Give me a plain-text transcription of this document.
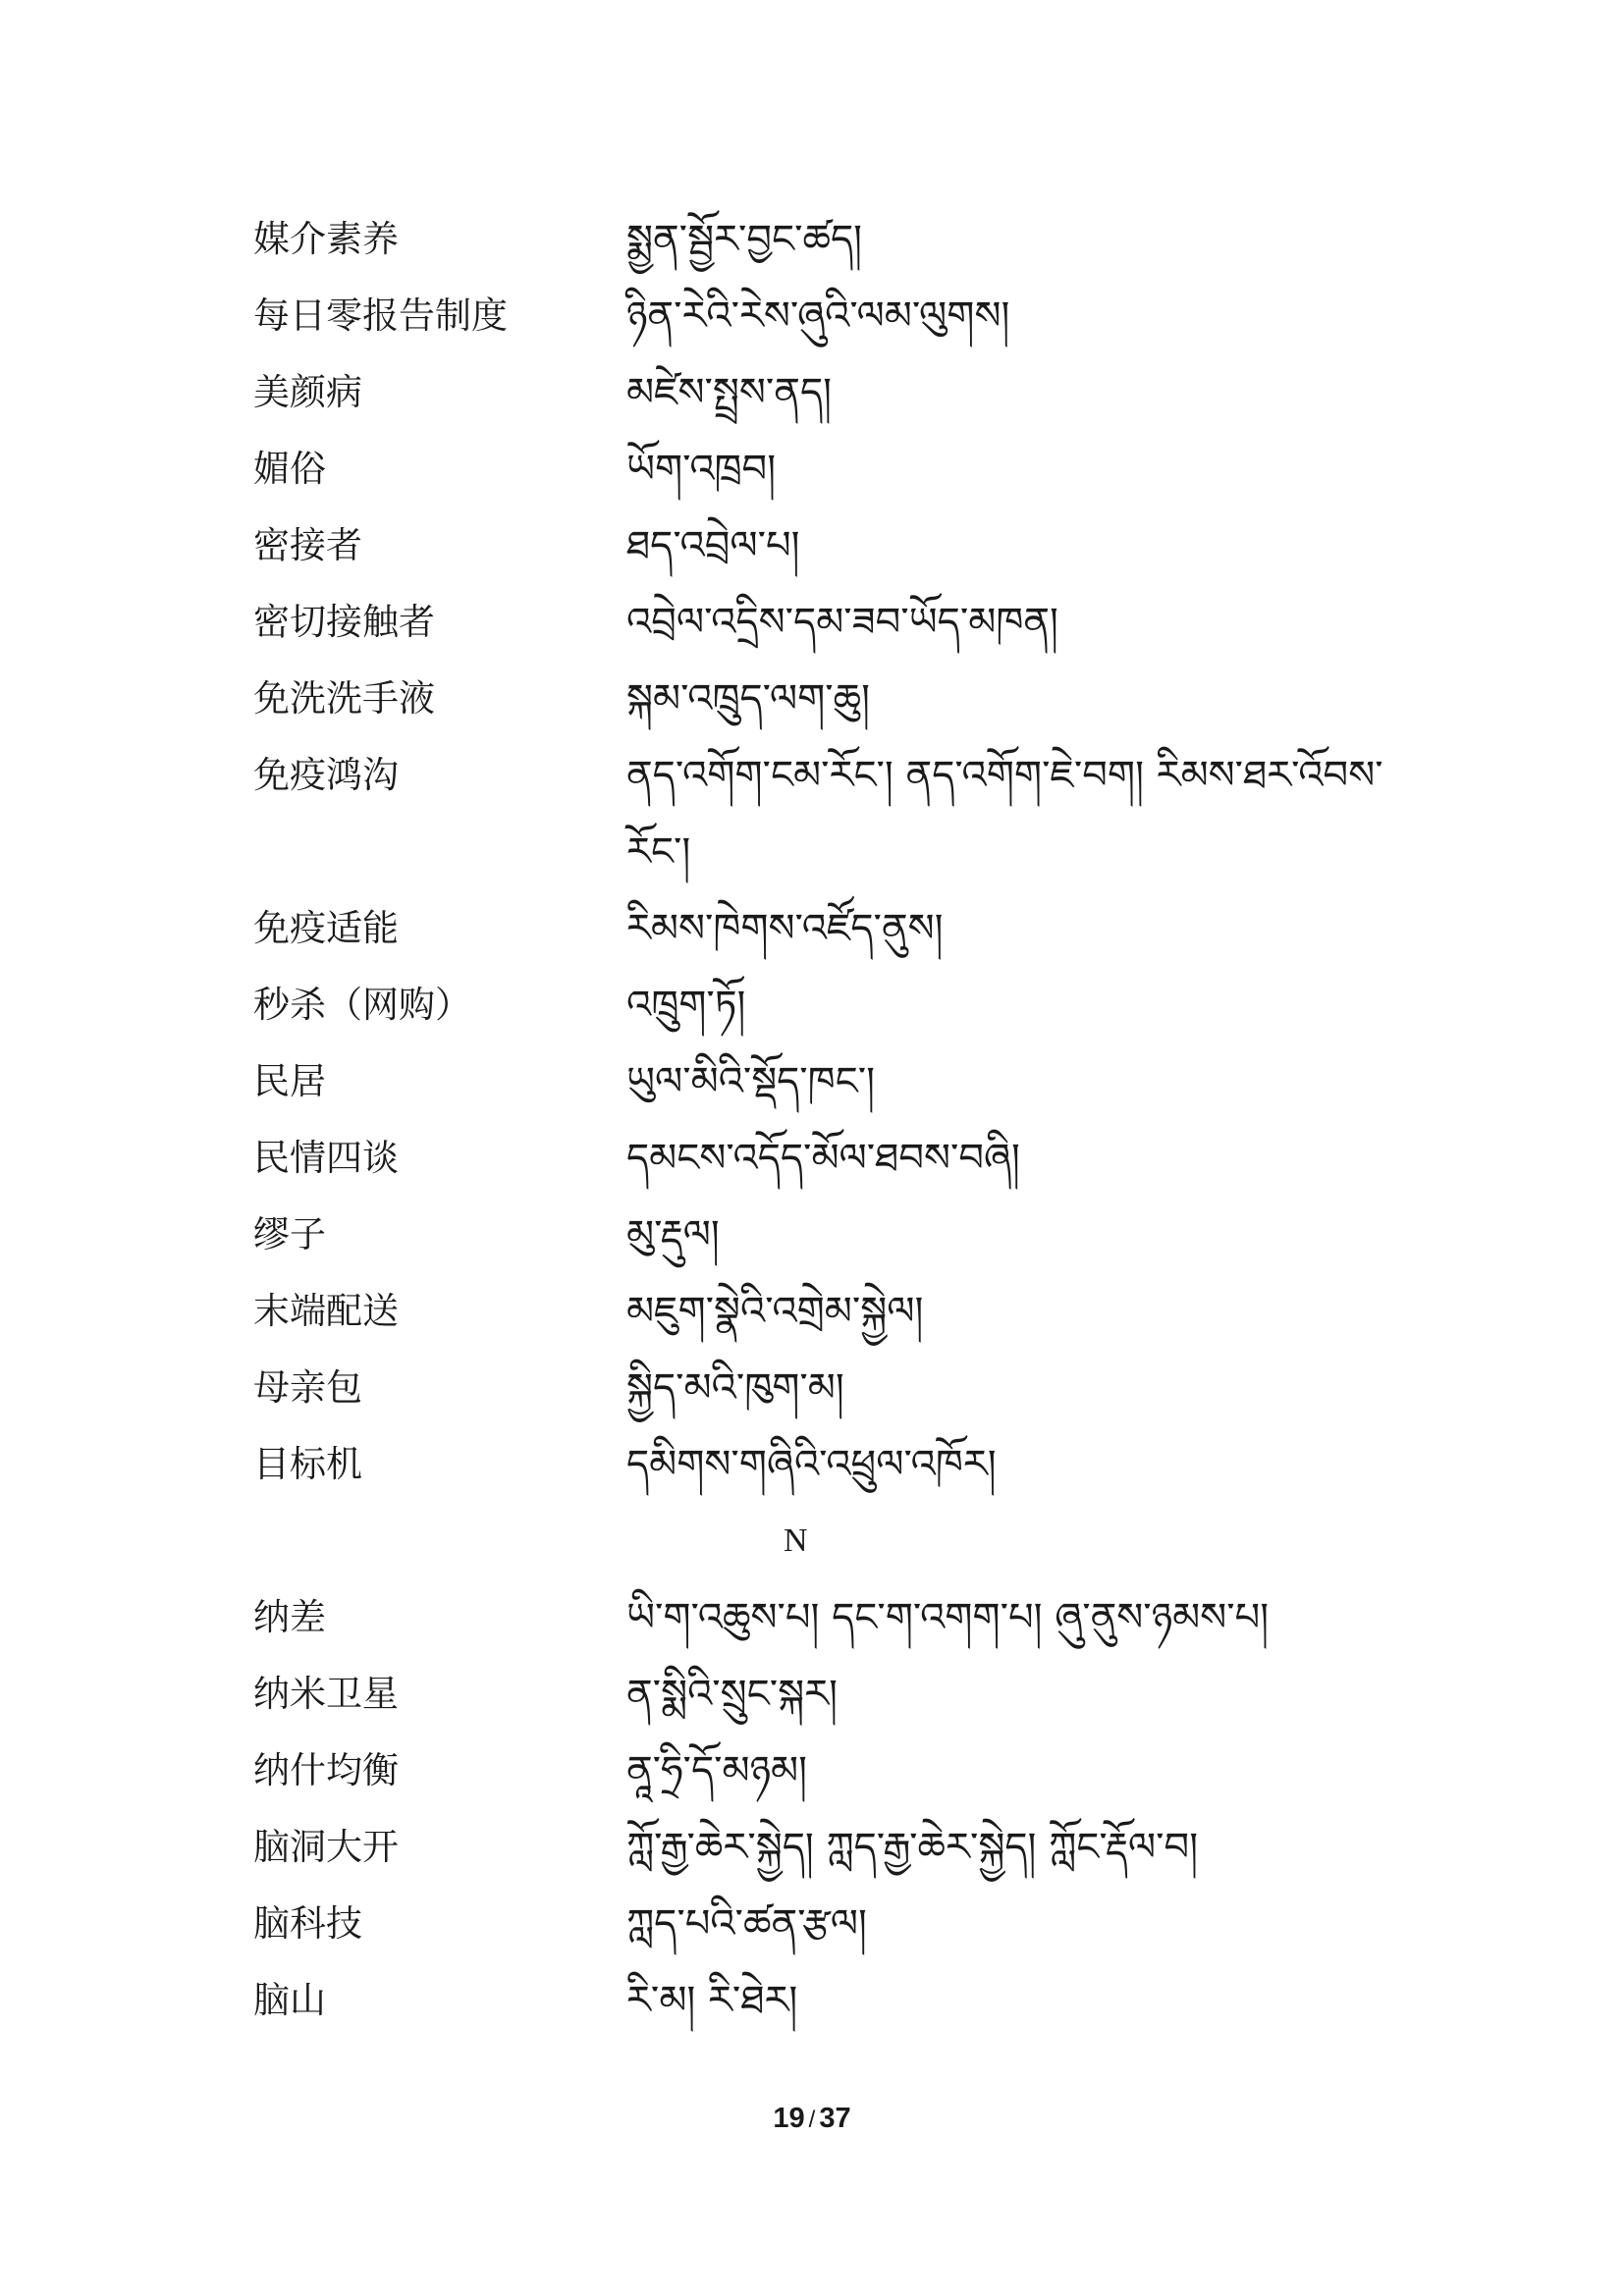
媒介素养	སྨྱན་སྦྱོར་བྱང་ཚད།
每日零报告制度	ཉིན་རེའི་རེས་ཞུའི་ལམ་ལུགས།
美颜病	མཛེས་སྤྲས་ནད།
媚俗	ཡོག་འཁྲབ།
密接者	ཐད་འབྲེལ་པ།
密切接触者	འབྲེལ་འདྲིས་དམ་ཟབ་ཡོད་མཁན།
免洗洗手液	སྐམ་འཁྲུད་ལག་ཆུ།
免疫鸿沟	ནད་འགོག་ངམ་རོང་། ནད་འགོག་ཇེ་བག། རིམས་ཐར་འོབས་རོང་།
免疫适能	རིམས་ཁེགས་འཛོད་ནུས།
秒杀（网购）	འཁྲུག་ཏོ།
民居	ཡུལ་མིའི་སྡོད་ཁང་།
民情四谈	དམངས་འདོད་མོལ་ཐབས་བཞི།
缪子	མུ་རྡུལ།
末端配送	མཇུག་སྣེའི་འགྲེམ་སྐྱེལ།
母亲包	སྐྱིད་མའི་ཁུག་མ།
目标机	དམིགས་གཞིའི་འཕྲུལ་འཁོར།
N
纳差	ཡི་ག་འཆུས་པ། དང་ག་འགག་པ། ཞུ་ནུས་ཉམས་པ།
纳米卫星	ན་སྨིའི་སྲུང་སྐར།
纳什均衡	ནཱ་ཧྲི་དོ་མཉམ།
脑洞大开	ཀློ་རྒྱ་ཆེར་སྐྱེད། ཀླད་རྒྱ་ཆེར་སྐྱེད། ཀློང་རྡོལ་བ།
脑科技	ཀླད་པའི་ཚན་རྩལ།
脑山	རི་མ། རི་ཐེར།
19 / 37
